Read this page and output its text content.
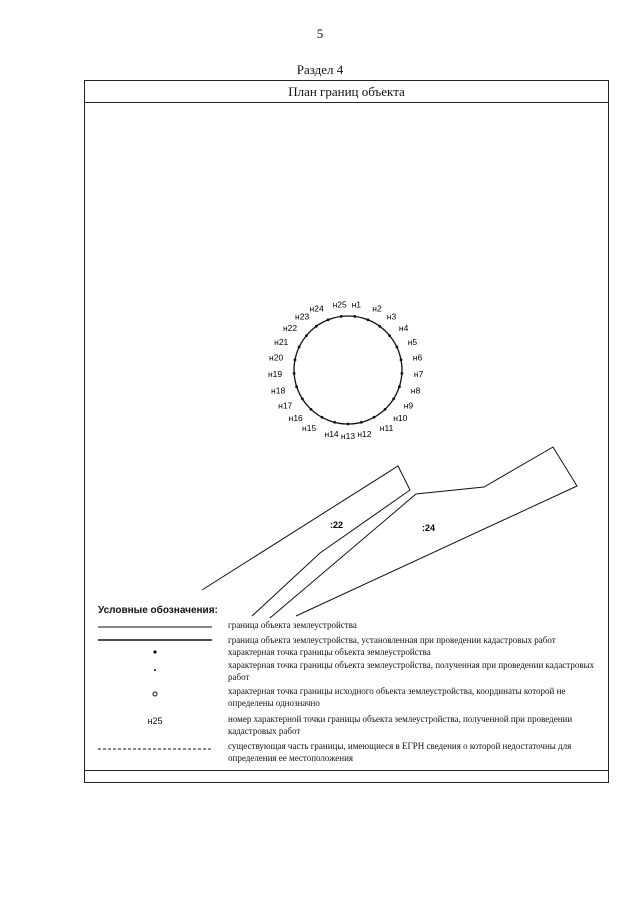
5
Раздел 4
План границ объекта
н1 н2
н3
н4
н5
н6
н7
н8
н9
н10
н11
н12
н13
н14
н15
н16
н17
н18
н19
н20
н21
н22
н23
н24 н25
:22	:24
Условные обозначения:
н25
граница объекта землеустройства
граница объекта землеустройства, установленная при проведении кадастровых работ
характерная точка границы объекта землеустройства
характерная точка границы объекта землеустройства, полученная при проведении кадастровых работ
характерная точка границы исходного объекта землеустройства, координаты которой не определены однозначно
номер характерной точки границы объекта землеустройства, полученной при проведении кадастровых работ
существующая часть границы, имеющиеся в ЕГРН сведения о которой недостаточны для определения ее местоположения
